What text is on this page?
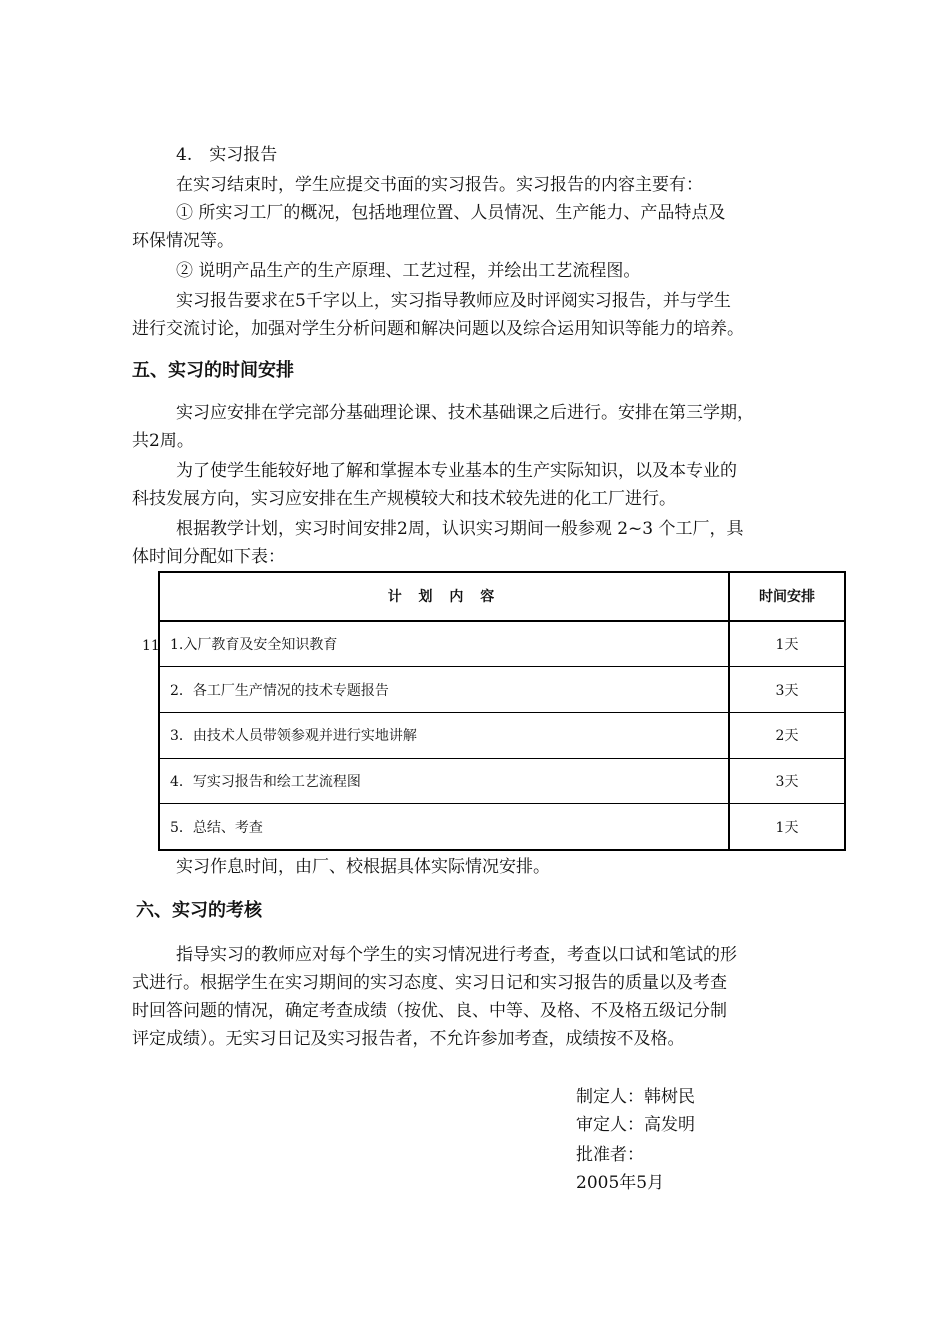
4.　实习报告
在实习结束时，学生应提交书面的实习报告。实习报告的内容主要有：
① 所实习工厂的概况，包括地理位置、人员情况、生产能力、产品特点及
环保情况等。
② 说明产品生产的生产原理、工艺过程，并绘出工艺流程图。
实习报告要求在5千字以上，实习指导教师应及时评阅实习报告，并与学生
进行交流讨论，加强对学生分析问题和解决问题以及综合运用知识等能力的培养。
五、实习的时间安排
实习应安排在学完部分基础理论课、技术基础课之后进行。安排在第三学期，
共2周。
为了使学生能较好地了解和掌握本专业基本的生产实际知识，以及本专业的
科技发展方向，实习应安排在生产规模较大和技术较先进的化工厂进行。
根据教学计划，实习时间安排2周，认识实习期间一般参观 2~3 个工厂，具
体时间分配如下表：
计 划 内 容	时间安排
1.入厂教育及安全知识教育	1天
2．各工厂生产情况的技术专题报告	3天
3．由技术人员带领参观并进行实地讲解	2天
4．写实习报告和绘工艺流程图	3天
5．总结、考查	1天
11
实习作息时间，由厂、校根据具体实际情况安排。
六、实习的考核
指导实习的教师应对每个学生的实习情况进行考查，考查以口试和笔试的形
式进行。根据学生在实习期间的实习态度、实习日记和实习报告的质量以及考查
时回答问题的情况，确定考查成绩（按优、良、中等、及格、不及格五级记分制
评定成绩）。无实习日记及实习报告者，不允许参加考查，成绩按不及格。
制定人：韩树民
审定人：高发明
批准者：
2005年5月
